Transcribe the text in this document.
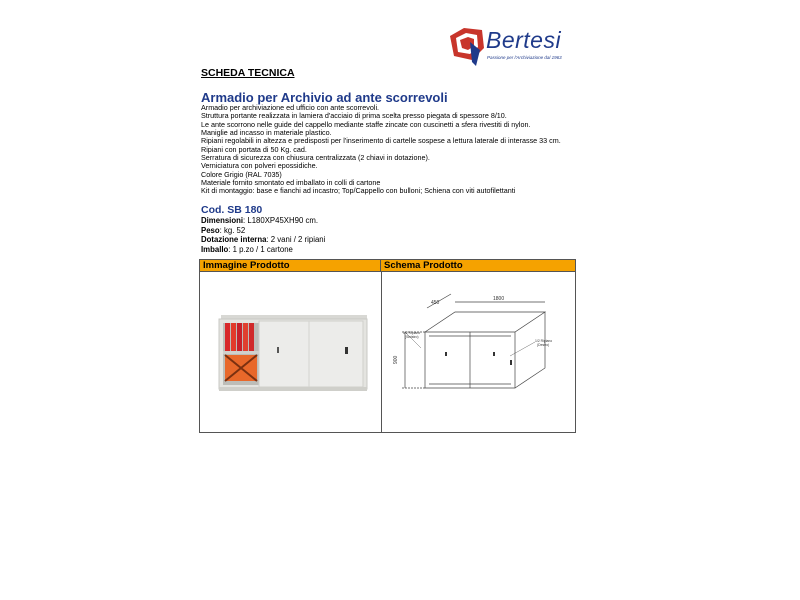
Bertesi
Passione per l'Archiviazione dal 1963
SCHEDA TECNICA
Armadio per Archivio ad ante scorrevoli
Armadio per archiviazione ed ufficio con ante scorrevoli.
Struttura portante realizzata in lamiera d'acciaio di prima scelta presso piegata di spessore 8/10.
Le ante scorrono nelle guide del cappello mediante staffe zincate con cuscinetti a sfera rivestiti di nylon.
Maniglie ad incasso in materiale plastico.
Ripiani regolabili in altezza e predisposti per l'inserimento di cartelle sospese a lettura laterale di interasse 33 cm.
Ripiani con portata di 50 Kg. cad.
Serratura di sicurezza con chiusura centralizzata (2 chiavi in dotazione).
Verniciatura con polveri epossidiche.
Colore Grigio (RAL 7035)
Materiale fornito smontato ed imballato in colli di cartone
Kit di montaggio: base e fianchi ad incastro; Top/Cappello con bulloni; Schiena con viti autofilettanti
Cod. SB 180
Dimensioni: L180XP45XH90 cm.
Peso: kg. 52
Dotazione interna: 2 vani / 2 ripiani
Imballo: 1 p.zo / 1 cartone
Immagine Prodotto	Schema Prodotto
450
1800
900
1/2 Ripiano
(Sinistro)
1/2 Ripiano
(Destro)
